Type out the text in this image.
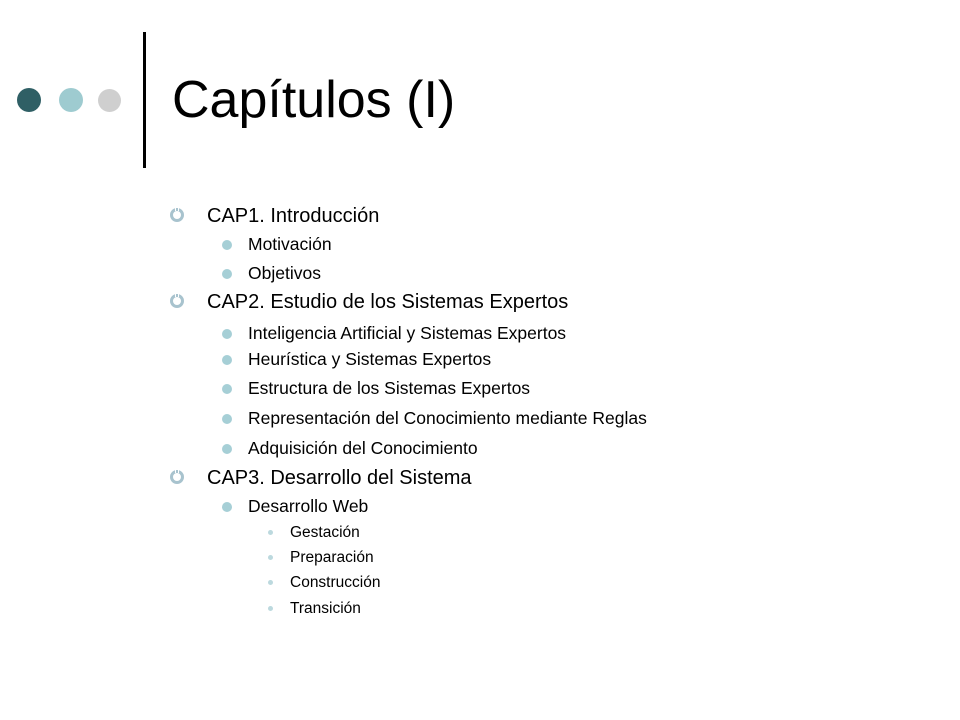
Capítulos (I)
CAP1. Introducción
Motivación
Objetivos
CAP2. Estudio de los Sistemas Expertos
Inteligencia Artificial y Sistemas Expertos
Heurística y Sistemas Expertos
Estructura de los Sistemas Expertos
Representación del Conocimiento mediante Reglas
Adquisición del Conocimiento
CAP3. Desarrollo del Sistema
Desarrollo Web
Gestación
Preparación
Construcción
Transición
